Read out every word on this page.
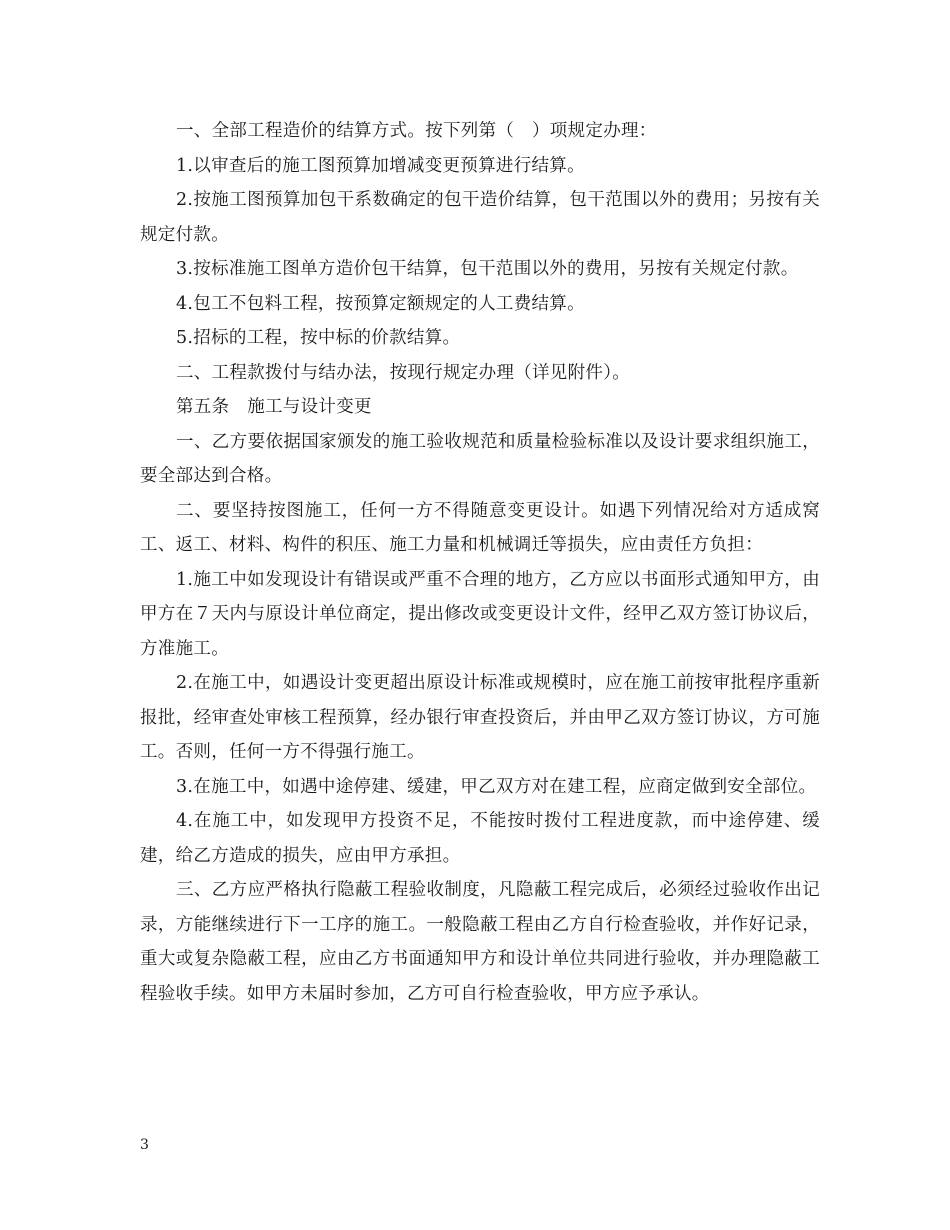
一、全部工程造价的结算方式。按下列第（　）项规定办理：

1.以审查后的施工图预算加增减变更预算进行结算。

2.按施工图预算加包干系数确定的包干造价结算，包干范围以外的费用；另按有关规定付款。

3.按标准施工图单方造价包干结算，包干范围以外的费用，另按有关规定付款。

4.包工不包料工程，按预算定额规定的人工费结算。

5.招标的工程，按中标的价款结算。

二、工程款拨付与结办法，按现行规定办理（详见附件）。

第五条　施工与设计变更

一、乙方要依据国家颁发的施工验收规范和质量检验标准以及设计要求组织施工，要全部达到合格。

二、要坚持按图施工，任何一方不得随意变更设计。如遇下列情况给对方适成窝工、返工、材料、构件的积压、施工力量和机械调迁等损失，应由责任方负担：

1.施工中如发现设计有错误或严重不合理的地方，乙方应以书面形式通知甲方，由甲方在７天内与原设计单位商定，提出修改或变更设计文件，经甲乙双方签订协议后，方准施工。

2.在施工中，如遇设计变更超出原设计标准或规模时，应在施工前按审批程序重新报批，经审查处审核工程预算，经办银行审查投资后，并由甲乙双方签订协议，方可施工。否则，任何一方不得强行施工。

3.在施工中，如遇中途停建、缓建，甲乙双方对在建工程，应商定做到安全部位。

4.在施工中，如发现甲方投资不足，不能按时拨付工程进度款，而中途停建、缓建，给乙方造成的损失，应由甲方承担。

三、乙方应严格执行隐蔽工程验收制度，凡隐蔽工程完成后，必须经过验收作出记录，方能继续进行下一工序的施工。一般隐蔽工程由乙方自行检查验收，并作好记录，重大或复杂隐蔽工程，应由乙方书面通知甲方和设计单位共同进行验收，并办理隐蔽工程验收手续。如甲方未届时参加，乙方可自行检查验收，甲方应予承认。

3
